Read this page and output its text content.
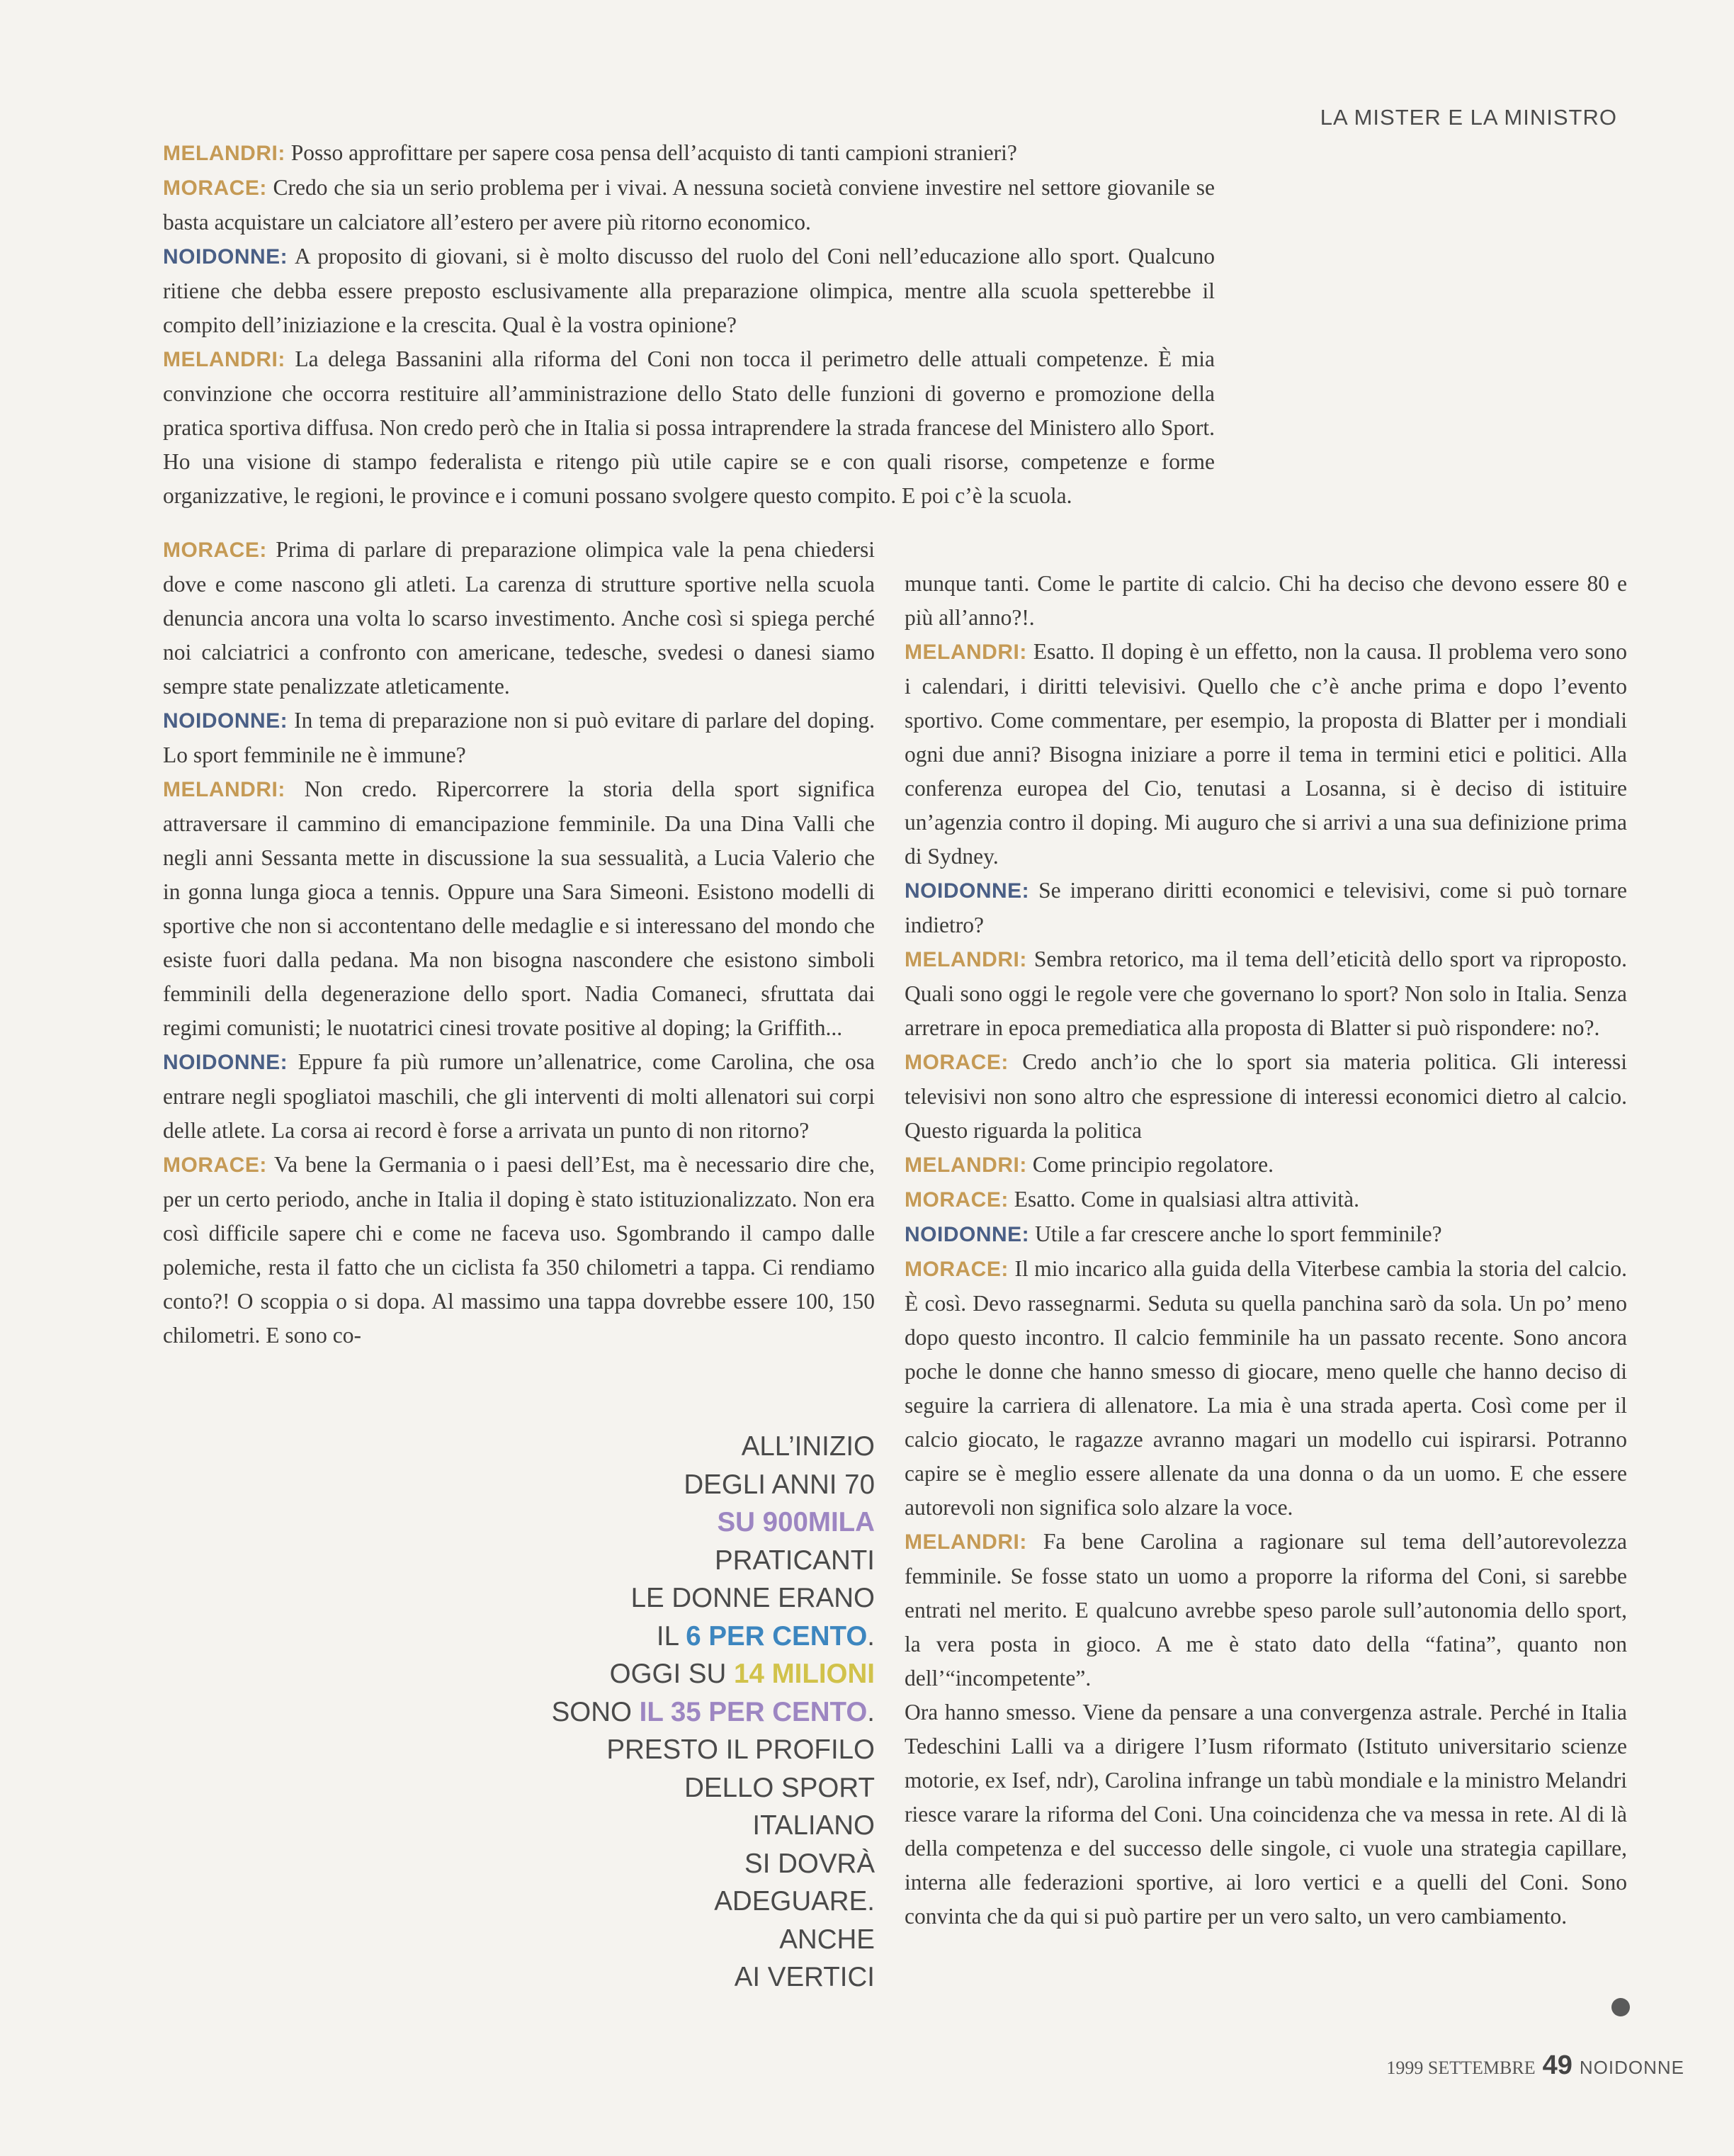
LA MISTER E LA MINISTRO

MELANDRI: Posso approfittare per sapere cosa pensa dell’acquisto di tanti campioni stranieri?

MORACE: Credo che sia un serio problema per i vivai. A nessuna società conviene investire nel settore giovanile se basta acquistare un calciatore all’estero per avere più ritorno economico.

NOIDONNE: A proposito di giovani, si è molto discusso del ruolo del Coni nell’educazione allo sport. Qualcuno ritiene che debba essere preposto esclusivamente alla preparazione olimpica, mentre alla scuola spetterebbe il compito dell’iniziazione e la crescita. Qual è la vostra opinione?

MELANDRI: La delega Bassanini alla riforma del Coni non tocca il perimetro delle attuali competenze. È mia convinzione che occorra restituire all’amministrazione dello Stato delle funzioni di governo e promozione della pratica sportiva diffusa. Non credo però che in Italia si possa intraprendere la strada francese del Ministero allo Sport. Ho una visione di stampo federalista e ritengo più utile capire se e con quali risorse, competenze e forme organizzative, le regioni, le province e i comuni possano svolgere questo compito. E poi c’è la scuola.

MORACE: Prima di parlare di preparazione olimpica vale la pena chiedersi dove e come nascono gli atleti. La carenza di strutture sportive nella scuola denuncia ancora una volta lo scarso investimento. Anche così si spiega perché noi calciatrici a confronto con americane, tedesche, svedesi o danesi siamo sempre state penalizzate atleticamente.

NOIDONNE: In tema di preparazione non si può evitare di parlare del doping. Lo sport femminile ne è immune?

MELANDRI: Non credo. Ripercorrere la storia della sport significa attraversare il cammino di emancipazione femminile. Da una Dina Valli che negli anni Sessanta mette in discussione la sua sessualità, a Lucia Valerio che in gonna lunga gioca a tennis. Oppure una Sara Simeoni. Esistono modelli di sportive che non si accontentano delle medaglie e si interessano del mondo che esiste fuori dalla pedana. Ma non bisogna nascondere che esistono simboli femminili della degenerazione dello sport. Nadia Comaneci, sfruttata dai regimi comunisti; le nuotatrici cinesi trovate positive al doping; la Griffith...

NOIDONNE: Eppure fa più rumore un’allenatrice, come Carolina, che osa entrare negli spogliatoi maschili, che gli interventi di molti allenatori sui corpi delle atlete. La corsa ai record è forse a arrivata un punto di non ritorno?

MORACE: Va bene la Germania o i paesi dell’Est, ma è necessario dire che, per un certo periodo, anche in Italia il doping è stato istituzionalizzato. Non era così difficile sapere chi e come ne faceva uso. Sgombrando il campo dalle polemiche, resta il fatto che un ciclista fa 350 chilometri a tappa. Ci rendiamo conto?! O scoppia o si dopa. Al massimo una tappa dovrebbe essere 100, 150 chilometri. E sono co-

munque tanti. Come le partite di calcio. Chi ha deciso che devono essere 80 e più all’anno?!.

MELANDRI: Esatto. Il doping è un effetto, non la causa. Il problema vero sono i calendari, i diritti televisivi. Quello che c’è anche prima e dopo l’evento sportivo. Come commentare, per esempio, la proposta di Blatter per i mondiali ogni due anni? Bisogna iniziare a porre il tema in termini etici e politici. Alla conferenza europea del Cio, tenutasi a Losanna, si è deciso di istituire un’agenzia contro il doping. Mi auguro che si arrivi a una sua definizione prima di Sydney.

NOIDONNE: Se imperano diritti economici e televisivi, come si può tornare indietro?

MELANDRI: Sembra retorico, ma il tema dell’eticità dello sport va riproposto. Quali sono oggi le regole vere che governano lo sport? Non solo in Italia. Senza arretrare in epoca premediatica alla proposta di Blatter si può rispondere: no?.

MORACE: Credo anch’io che lo sport sia materia politica. Gli interessi televisivi non sono altro che espressione di interessi economici dietro al calcio. Questo riguarda la politica

MELANDRI: Come principio regolatore.

MORACE: Esatto. Come in qualsiasi altra attività.

NOIDONNE: Utile a far crescere anche lo sport femminile?

MORACE: Il mio incarico alla guida della Viterbese cambia la storia del calcio. È così. Devo rassegnarmi. Seduta su quella panchina sarò da sola. Un po’ meno dopo questo incontro. Il calcio femminile ha un passato recente. Sono ancora poche le donne che hanno smesso di giocare, meno quelle che hanno deciso di seguire la carriera di allenatore. La mia è una strada aperta. Così come per il calcio giocato, le ragazze avranno magari un modello cui ispirarsi. Potranno capire se è meglio essere allenate da una donna o da un uomo. E che essere autorevoli non significa solo alzare la voce.

MELANDRI: Fa bene Carolina a ragionare sul tema dell’autorevolezza femminile. Se fosse stato un uomo a proporre la riforma del Coni, si sarebbe entrati nel merito. E qualcuno avrebbe speso parole sull’autonomia dello sport, la vera posta in gioco. A me è stato dato della “fatina”, quanto non dell’“incompetente”.

Ora hanno smesso. Viene da pensare a una convergenza astrale. Perché in Italia Tedeschini Lalli va a dirigere l’Iusm riformato (Istituto universitario scienze motorie, ex Isef, ndr), Carolina infrange un tabù mondiale e la ministro Melandri riesce varare la riforma del Coni. Una coincidenza che va messa in rete. Al di là della competenza e del successo delle singole, ci vuole una strategia capillare, interna alle federazioni sportive, ai loro vertici e a quelli del Coni. Sono convinta che da qui si può partire per un vero salto, un vero cambiamento.

ALL’INIZIO
DEGLI ANNI 70
SU 900MILA
PRATICANTI
LE DONNE ERANO
IL 6 PER CENTO.
OGGI SU 14 MILIONI
SONO IL 35 PER CENTO.
PRESTO IL PROFILO
DELLO SPORT
ITALIANO
SI DOVRÀ
ADEGUARE.
ANCHE
AI VERTICI
1999 SETTEMBRE 49 NOIDONNE
